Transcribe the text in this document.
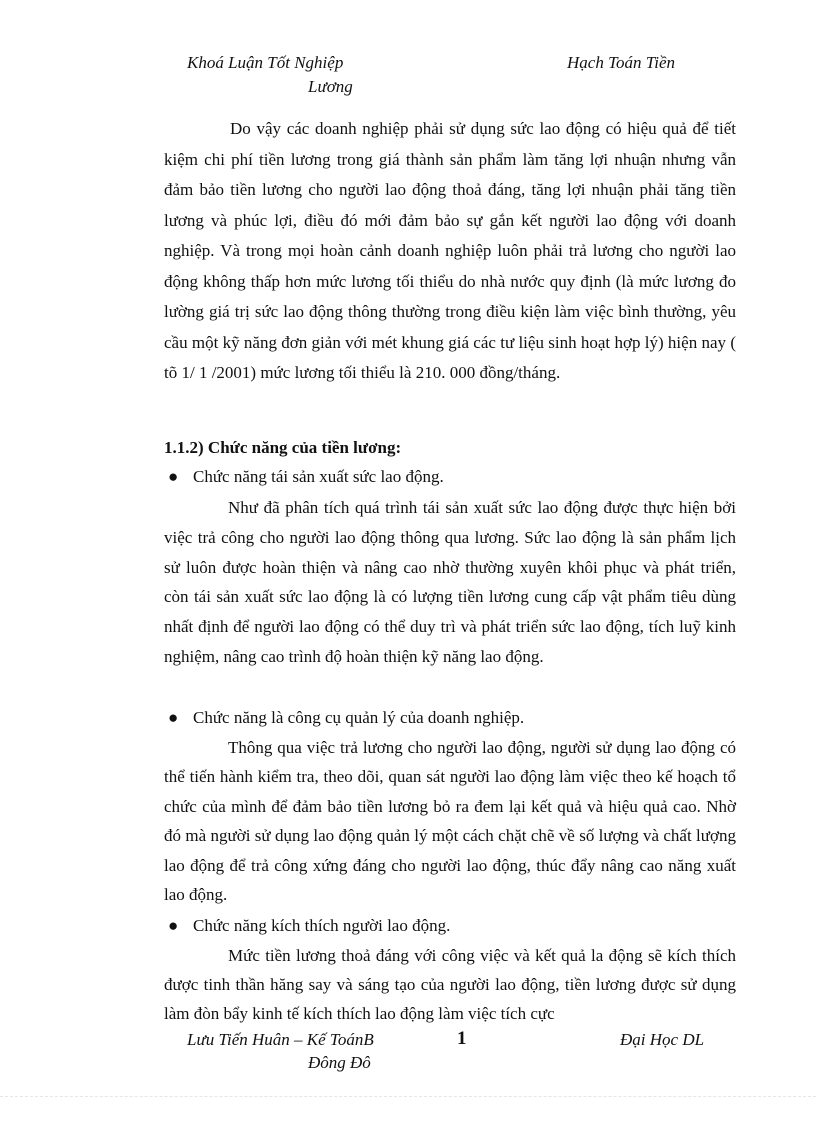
Khoá Luận Tốt Nghiệp
Lương
Hạch Toán Tiền
Do vậy các doanh nghiệp phải sử dụng sức lao động có hiệu quả để tiết kiệm chi phí tiền lương trong giá thành sản phẩm làm tăng lợi nhuận nhưng vẫn đảm bảo tiền lương cho người lao động thoả đáng, tăng lợi nhuận phải tăng tiền lương và phúc lợi, điều đó mới đảm bảo sự gắn kết người lao động với doanh nghiệp. Và trong mọi hoàn cảnh doanh nghiệp luôn phải trả lương cho người lao động không thấp hơn mức lương tối thiểu do nhà nước quy định (là mức lương đo lường giá trị sức lao động thông thường trong điều kiện làm việc bình thường, yêu cầu một kỹ năng đơn giản với mét khung giá các tư liệu sinh hoạt hợp lý) hiện nay ( tõ 1/ 1 /2001) mức lương tối thiểu là 210. 000 đồng/tháng.
1.1.2) Chức năng của tiền lương:
● Chức năng tái sản xuất sức lao động.
Như đã phân tích quá trình tái sản xuất sức lao động được thực hiện bởi việc trả công cho người lao động thông qua lương. Sức lao động là sản phẩm lịch sử luôn được hoàn thiện và nâng cao nhờ thường xuyên khôi phục và phát triển, còn tái sản xuất sức lao động là có lượng tiền lương cung cấp vật phẩm tiêu dùng nhất định để người lao động có thể duy trì và phát triển sức lao động, tích luỹ kinh nghiệm, nâng cao trình độ hoàn thiện kỹ năng lao động.
● Chức năng là công cụ quản lý của doanh nghiệp.
Thông qua việc trả lương cho người lao động, người sử dụng lao động có thể tiến hành kiểm tra, theo dõi, quan sát người lao động làm việc theo kế hoạch tổ chức của mình để đảm bảo tiền lương bỏ ra đem lại kết quả và hiệu quả cao. Nhờ đó mà người sử dụng lao động quản lý một cách chặt chẽ về số lượng và chất lượng lao động để trả công xứng đáng cho người lao động, thúc đẩy nâng cao năng xuất lao động.
● Chức năng kích thích người lao động.
Mức tiền lương thoả đáng với công việc và kết quả la động sẽ kích thích được tinh thần hăng say và sáng tạo của người lao động, tiền lương được sử dụng làm đòn bẩy kinh tế kích thích lao động làm việc tích cực
Lưu Tiến Huân – Kế ToánB
Đông Đô
1	Đại Học DL
